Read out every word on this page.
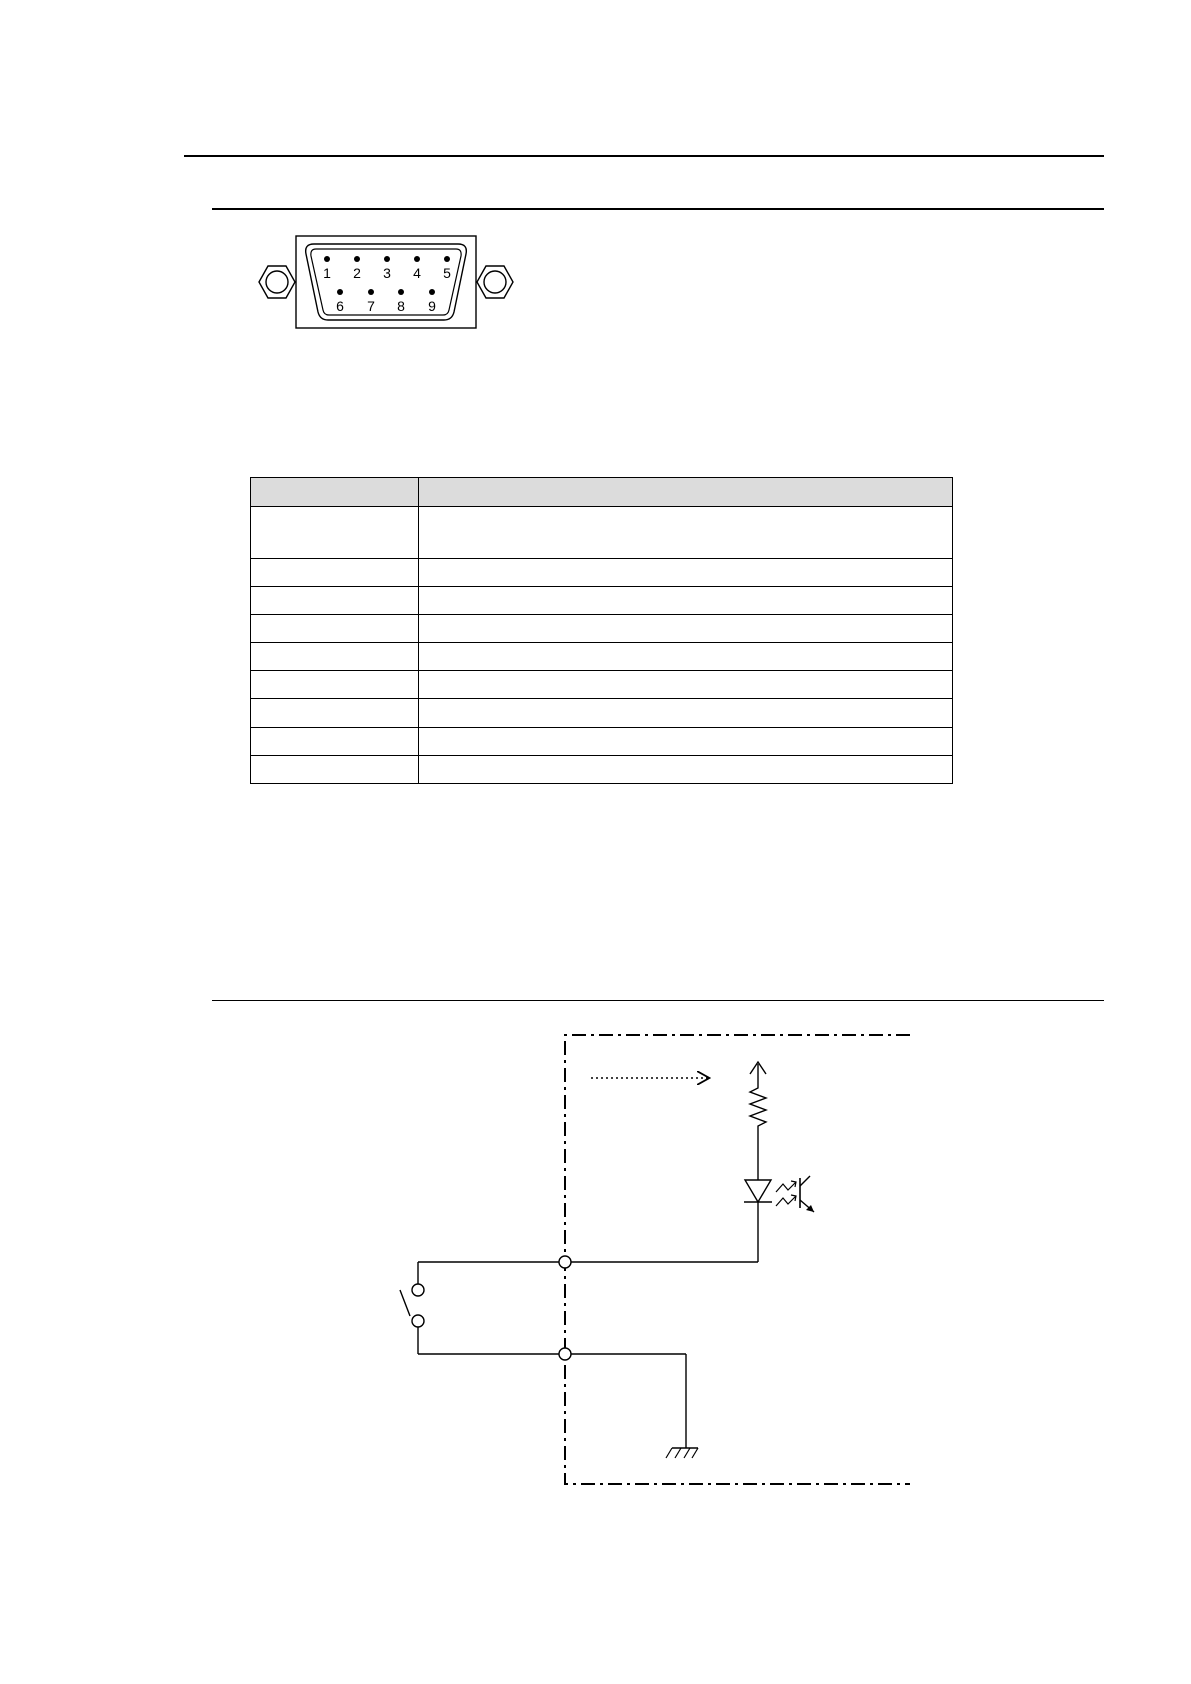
1 2 3 4 5
6 7 8 9
